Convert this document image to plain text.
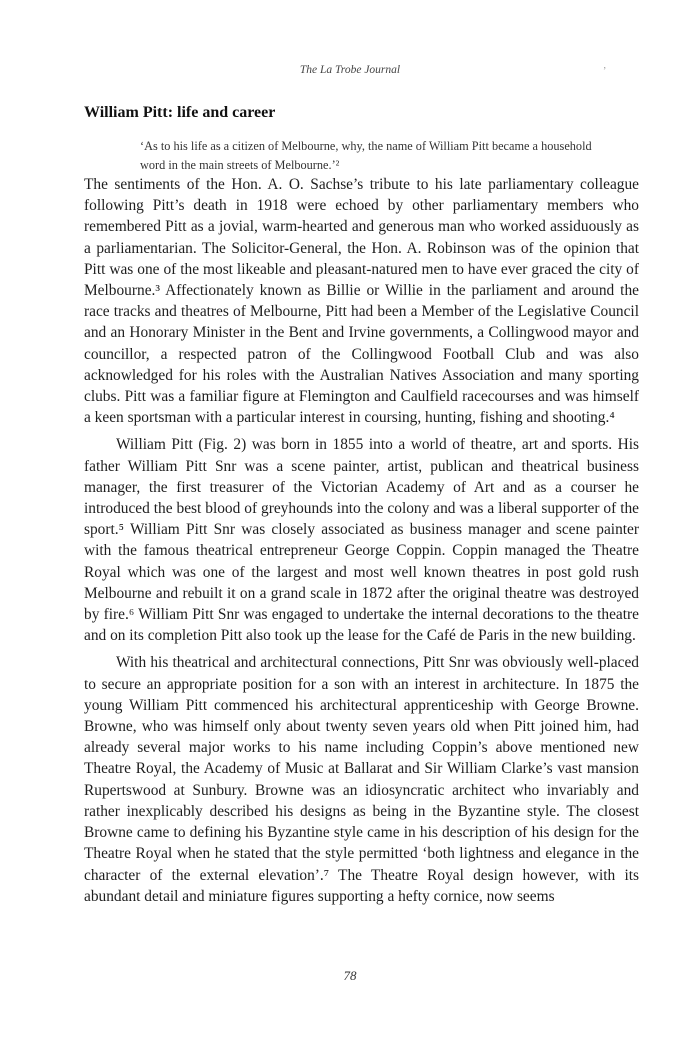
The La Trobe Journal	’
William Pitt: life and career
‘As to his life as a citizen of Melbourne, why, the name of William Pitt became a household word in the main streets of Melbourne.’²

The sentiments of the Hon. A. O. Sachse’s tribute to his late parliamentary colleague following Pitt’s death in 1918 were echoed by other parliamentary members who remembered Pitt as a jovial, warm-hearted and generous man who worked assiduously as a parliamentarian. The Solicitor-General, the Hon. A. Robinson was of the opinion that Pitt was one of the most likeable and pleasant-natured men to have ever graced the city of Melbourne.³ Affectionately known as Billie or Willie in the parliament and around the race tracks and theatres of Melbourne, Pitt had been a Member of the Legislative Council and an Honorary Minister in the Bent and Irvine governments, a Collingwood mayor and councillor, a respected patron of the Collingwood Football Club and was also acknowledged for his roles with the Australian Natives Association and many sporting clubs. Pitt was a familiar figure at Flemington and Caulfield racecourses and was himself a keen sportsman with a particular interest in coursing, hunting, fishing and shooting.⁴

William Pitt (Fig. 2) was born in 1855 into a world of theatre, art and sports. His father William Pitt Snr was a scene painter, artist, publican and theatrical business manager, the first treasurer of the Victorian Academy of Art and as a courser he introduced the best blood of greyhounds into the colony and was a liberal supporter of the sport.⁵ William Pitt Snr was closely associated as business manager and scene painter with the famous theatrical entrepreneur George Coppin. Coppin managed the Theatre Royal which was one of the largest and most well known theatres in post gold rush Melbourne and rebuilt it on a grand scale in 1872 after the original theatre was destroyed by fire.⁶ William Pitt Snr was engaged to undertake the internal decorations to the theatre and on its completion Pitt also took up the lease for the Café de Paris in the new building.

With his theatrical and architectural connections, Pitt Snr was obviously well-placed to secure an appropriate position for a son with an interest in architecture. In 1875 the young William Pitt commenced his architectural apprenticeship with George Browne. Browne, who was himself only about twenty seven years old when Pitt joined him, had already several major works to his name including Coppin’s above mentioned new Theatre Royal, the Academy of Music at Ballarat and Sir William Clarke’s vast mansion Rupertswood at Sunbury. Browne was an idiosyncratic architect who invariably and rather inexplicably described his designs as being in the Byzantine style. The closest Browne came to defining his Byzantine style came in his description of his design for the Theatre Royal when he stated that the style permitted ‘both lightness and elegance in the character of the external elevation’.⁷ The Theatre Royal design however, with its abundant detail and miniature figures supporting a hefty cornice, now seems

78
